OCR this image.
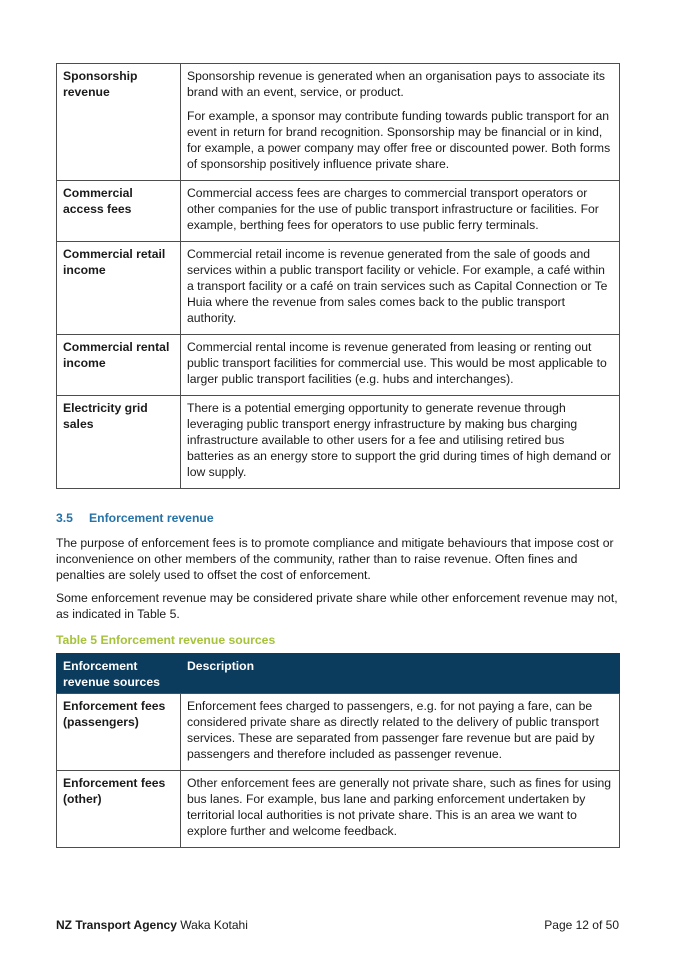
Sponsorship revenue	Sponsorship revenue is generated when an organisation pays to associate its brand with an event, service, or product.

For example, a sponsor may contribute funding towards public transport for an event in return for brand recognition. Sponsorship may be financial or in kind, for example, a power company may offer free or discounted power. Both forms of sponsorship positively influence private share.

Commercial access fees	Commercial access fees are charges to commercial transport operators or other companies for the use of public transport infrastructure or facilities. For example, berthing fees for operators to use public ferry terminals.

Commercial retail income	Commercial retail income is revenue generated from the sale of goods and services within a public transport facility or vehicle. For example, a café within a transport facility or a café on train services such as Capital Connection or Te Huia where the revenue from sales comes back to the public transport authority.

Commercial rental income	Commercial rental income is revenue generated from leasing or renting out public transport facilities for commercial use. This would be most applicable to larger public transport facilities (e.g. hubs and interchanges).

Electricity grid sales	There is a potential emerging opportunity to generate revenue through leveraging public transport energy infrastructure by making bus charging infrastructure available to other users for a fee and utilising retired bus batteries as an energy store to support the grid during times of high demand or low supply.

3.5 Enforcement revenue

The purpose of enforcement fees is to promote compliance and mitigate behaviours that impose cost or inconvenience on other members of the community, rather than to raise revenue. Often fines and penalties are solely used to offset the cost of enforcement.

Some enforcement revenue may be considered private share while other enforcement revenue may not, as indicated in Table 5.

Table 5 Enforcement revenue sources
Enforcement revenue sources	Description
Enforcement fees (passengers)	Enforcement fees charged to passengers, e.g. for not paying a fare, can be considered private share as directly related to the delivery of public transport services. These are separated from passenger fare revenue but are paid by passengers and therefore included as passenger revenue.
Enforcement fees (other)	Other enforcement fees are generally not private share, such as fines for using bus lanes. For example, bus lane and parking enforcement undertaken by territorial local authorities is not private share. This is an area we want to explore further and welcome feedback.
NZ Transport Agency Waka Kotahi	Page 12 of 50
